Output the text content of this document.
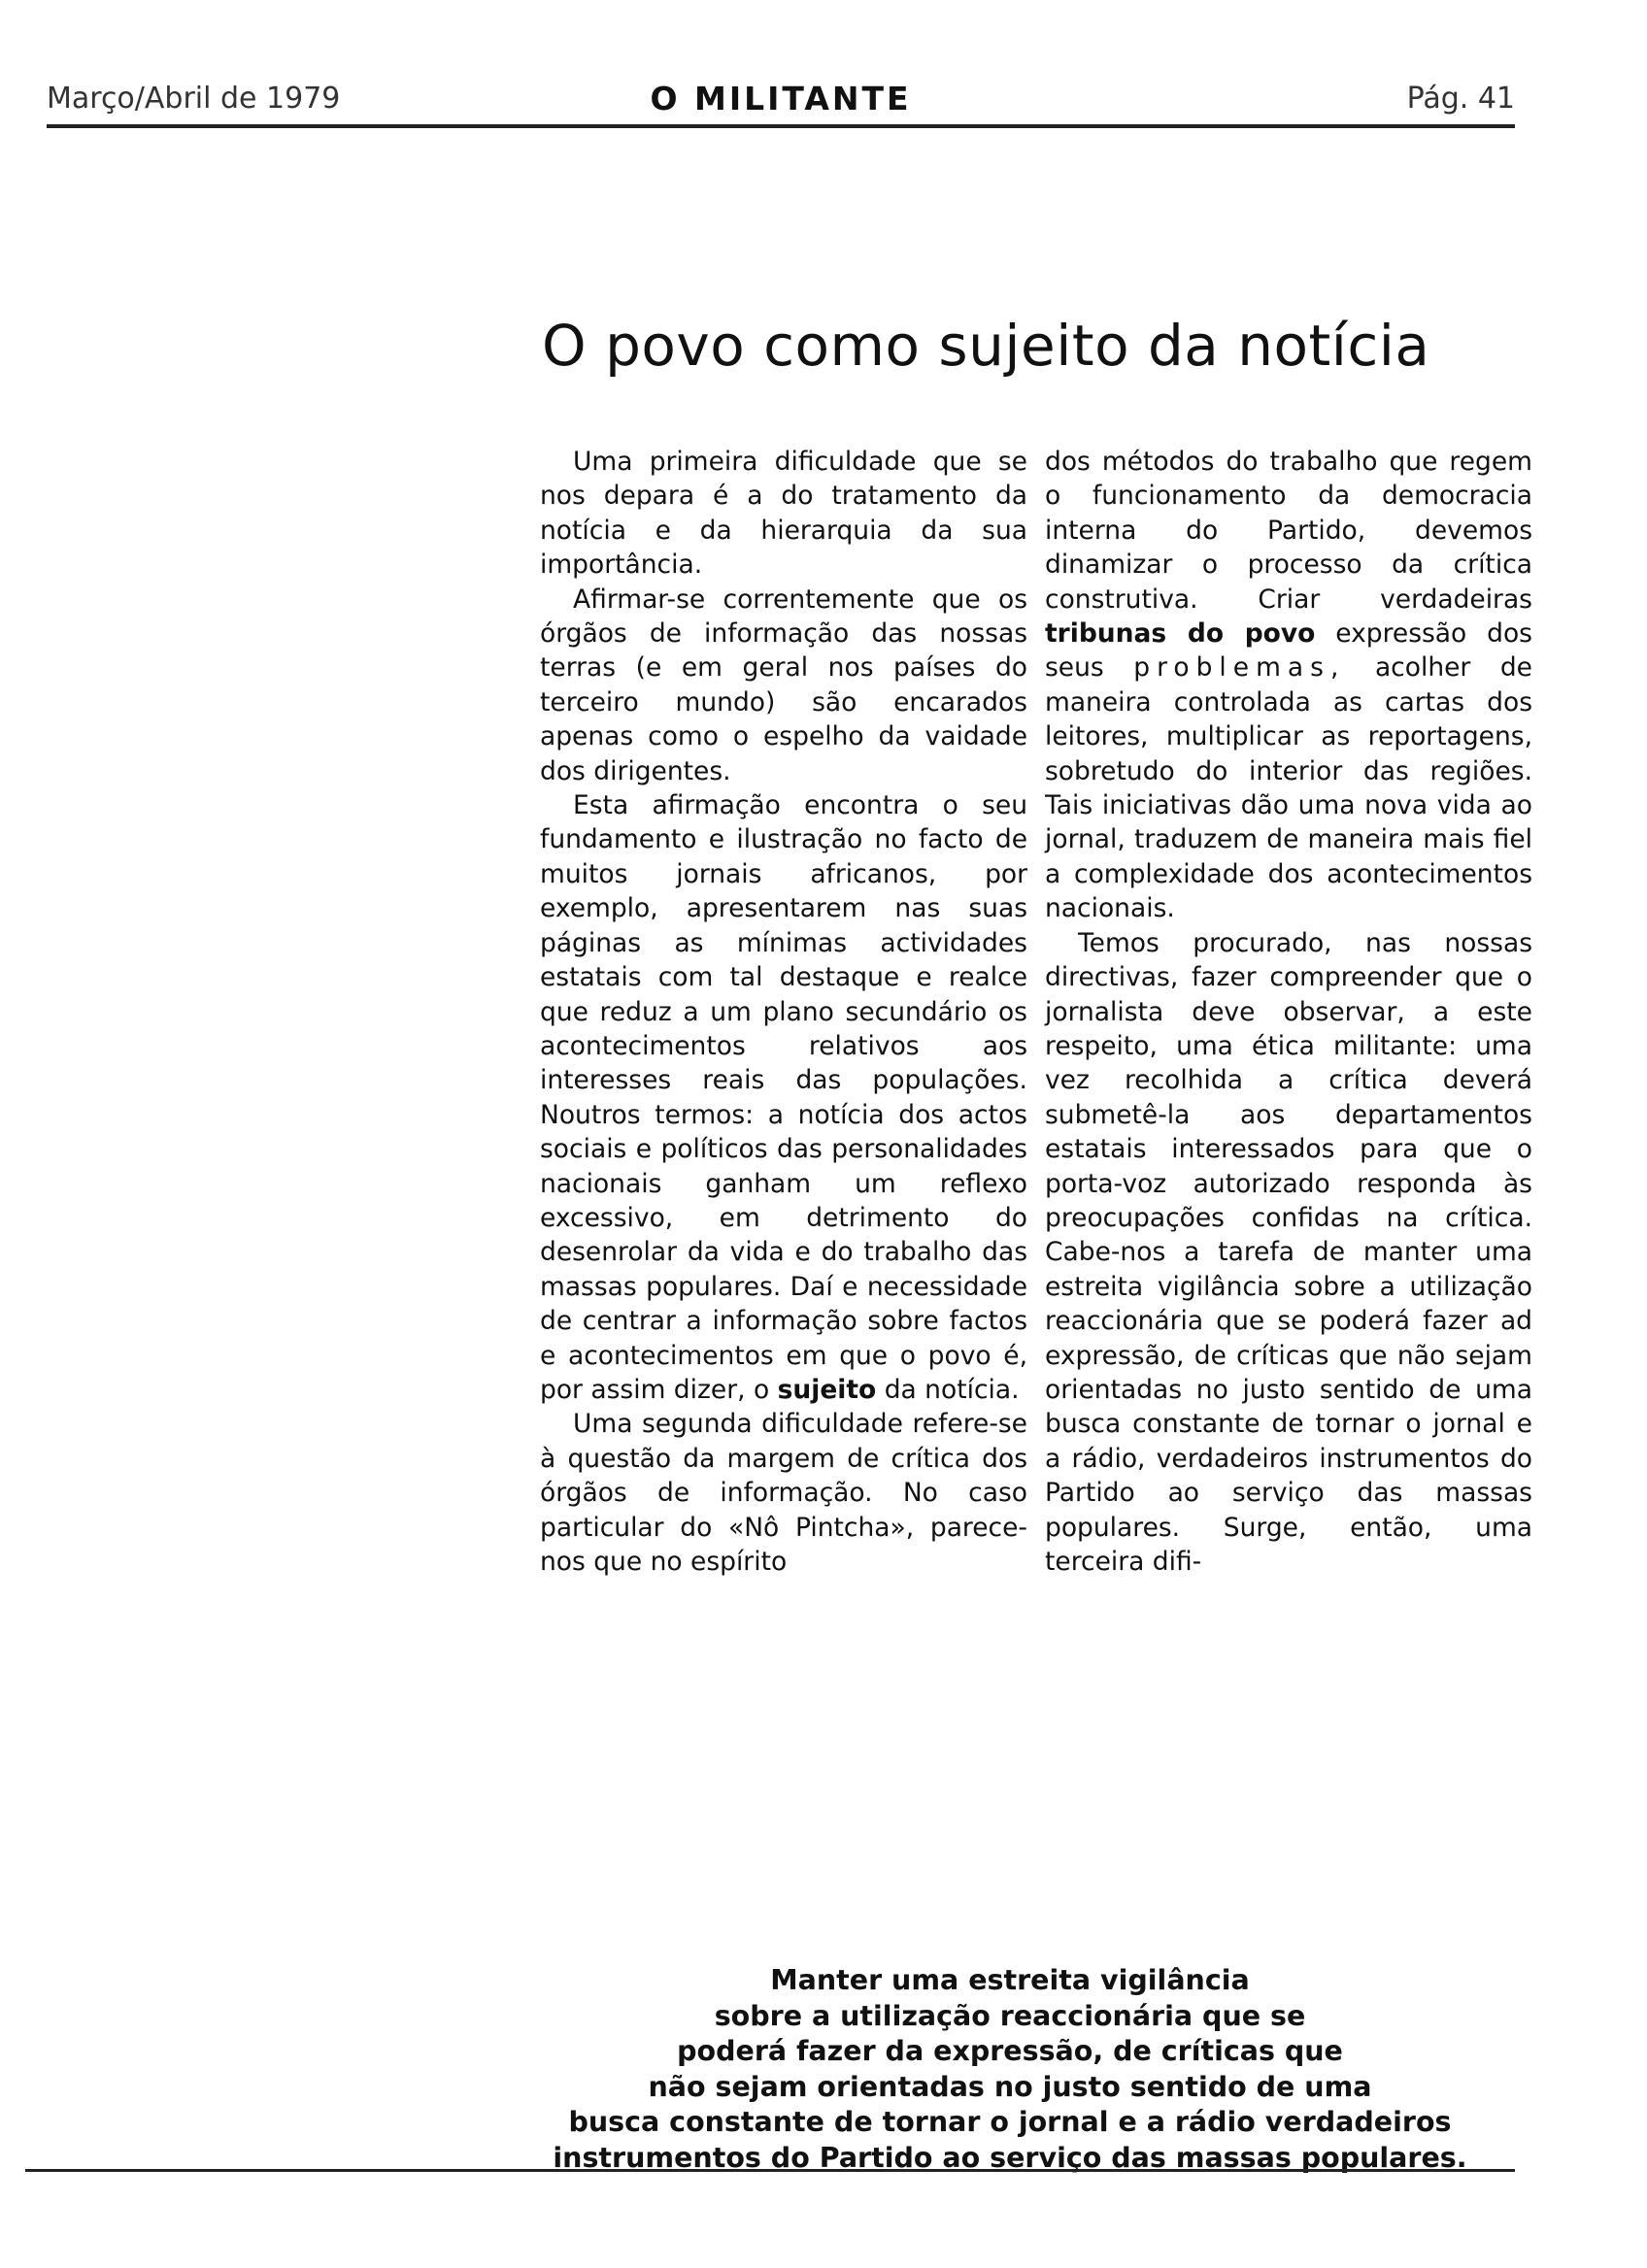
Março/Abril de 1979	O MILITANTE	Pág. 41
O povo como sujeito da notícia

Uma primeira dificuldade que se nos depara é a do tratamento da notícia e da hierarquia da sua importância.

Afirmar-se correntemente que os órgãos de informação das nossas terras (e em geral nos países do terceiro mundo) são encarados apenas como o espelho da vaidade dos dirigentes.

Esta afirmação encontra o seu fundamento e ilustração no facto de muitos jornais africanos, por exemplo, apresentarem nas suas páginas as mínimas actividades estatais com tal destaque e realce que reduz a um plano secundário os acontecimentos relativos aos interesses reais das populações. Noutros termos: a notícia dos actos sociais e políticos das personalidades nacionais ganham um reflexo excessivo, em detrimento do desenrolar da vida e do trabalho das massas populares. Daí e necessidade de centrar a informação sobre factos e acontecimentos em que o povo é, por assim dizer, o sujeito da notícia.

Uma segunda dificuldade refere-se à questão da margem de crítica dos órgãos de informação. No caso particular do «Nô Pintcha», parece-nos que no espírito

dos métodos do trabalho que regem o funcionamento da democracia interna do Partido, devemos dinamizar o processo da crítica construtiva. Criar verdadeiras tribunas do povo expressão dos seus problemas, acolher de maneira controlada as cartas dos leitores, multiplicar as reportagens, sobretudo do interior das regiões. Tais iniciativas dão uma nova vida ao jornal, traduzem de maneira mais fiel a complexidade dos acontecimentos nacionais.

Temos procurado, nas nossas directivas, fazer compreender que o jornalista deve observar, a este respeito, uma ética militante: uma vez recolhida a crítica deverá submetê-la aos departamentos estatais interessados para que o porta-voz autorizado responda às preocupações confidas na crítica. Cabe-nos a tarefa de manter uma estreita vigilância sobre a utilização reaccionária que se poderá fazer ad expressão, de críticas que não sejam orientadas no justo sentido de uma busca constante de tornar o jornal e a rádio, verdadeiros instrumentos do Partido ao serviço das massas populares. Surge, então, uma terceira difi-

Manter uma estreita vigilância
sobre a utilização reaccionária que se
poderá fazer da expressão, de críticas que
não sejam orientadas no justo sentido de uma
busca constante de tornar o jornal e a rádio verdadeiros
instrumentos do Partido ao serviço das massas populares.
